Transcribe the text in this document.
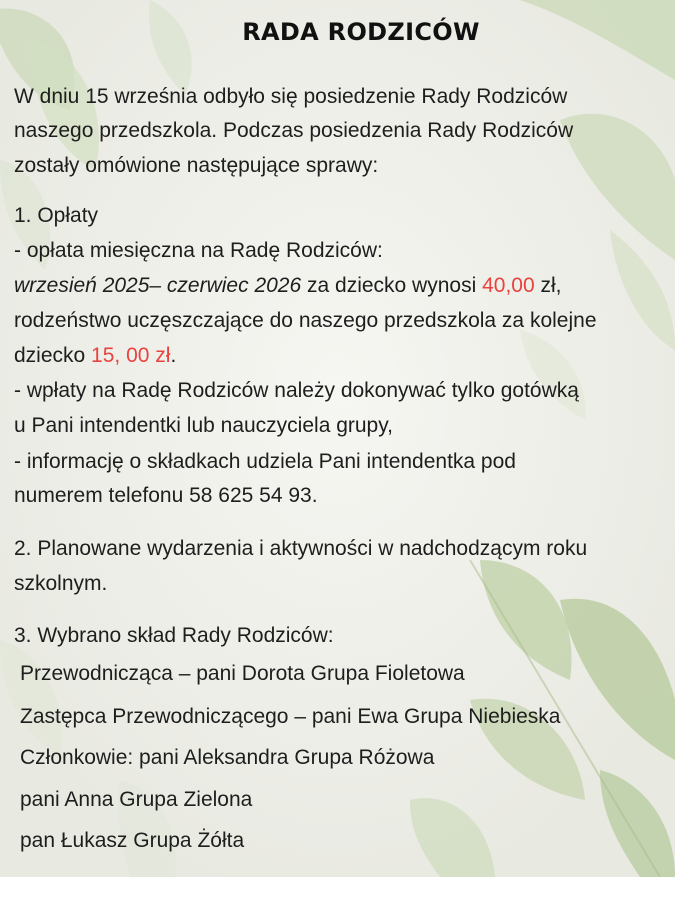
RADA RODZICÓW
W dniu 15 września odbyło się posiedzenie Rady Rodziców
naszego przedszkola. Podczas posiedzenia Rady Rodziców
zostały omówione następujące sprawy:
1. Opłaty
- opłata miesięczna na Radę Rodziców:
wrzesień 2025– czerwiec 2026 za dziecko wynosi 40,00 zł,
rodzeństwo uczęszczające do naszego przedszkola za kolejne
dziecko 15, 00 zł.
- wpłaty na Radę Rodziców należy dokonywać tylko gotówką
u Pani intendentki lub nauczyciela grupy,
- informację o składkach udziela Pani intendentka pod
numerem telefonu 58 625 54 93.
2. Planowane wydarzenia i aktywności w nadchodzącym roku
szkolnym.
3. Wybrano skład Rady Rodziców:
Przewodnicząca – pani Dorota Grupa Fioletowa
Zastępca Przewodniczącego – pani Ewa Grupa Niebieska
Członkowie: pani Aleksandra Grupa Różowa
pani Anna Grupa Zielona
pan Łukasz Grupa Żółta
